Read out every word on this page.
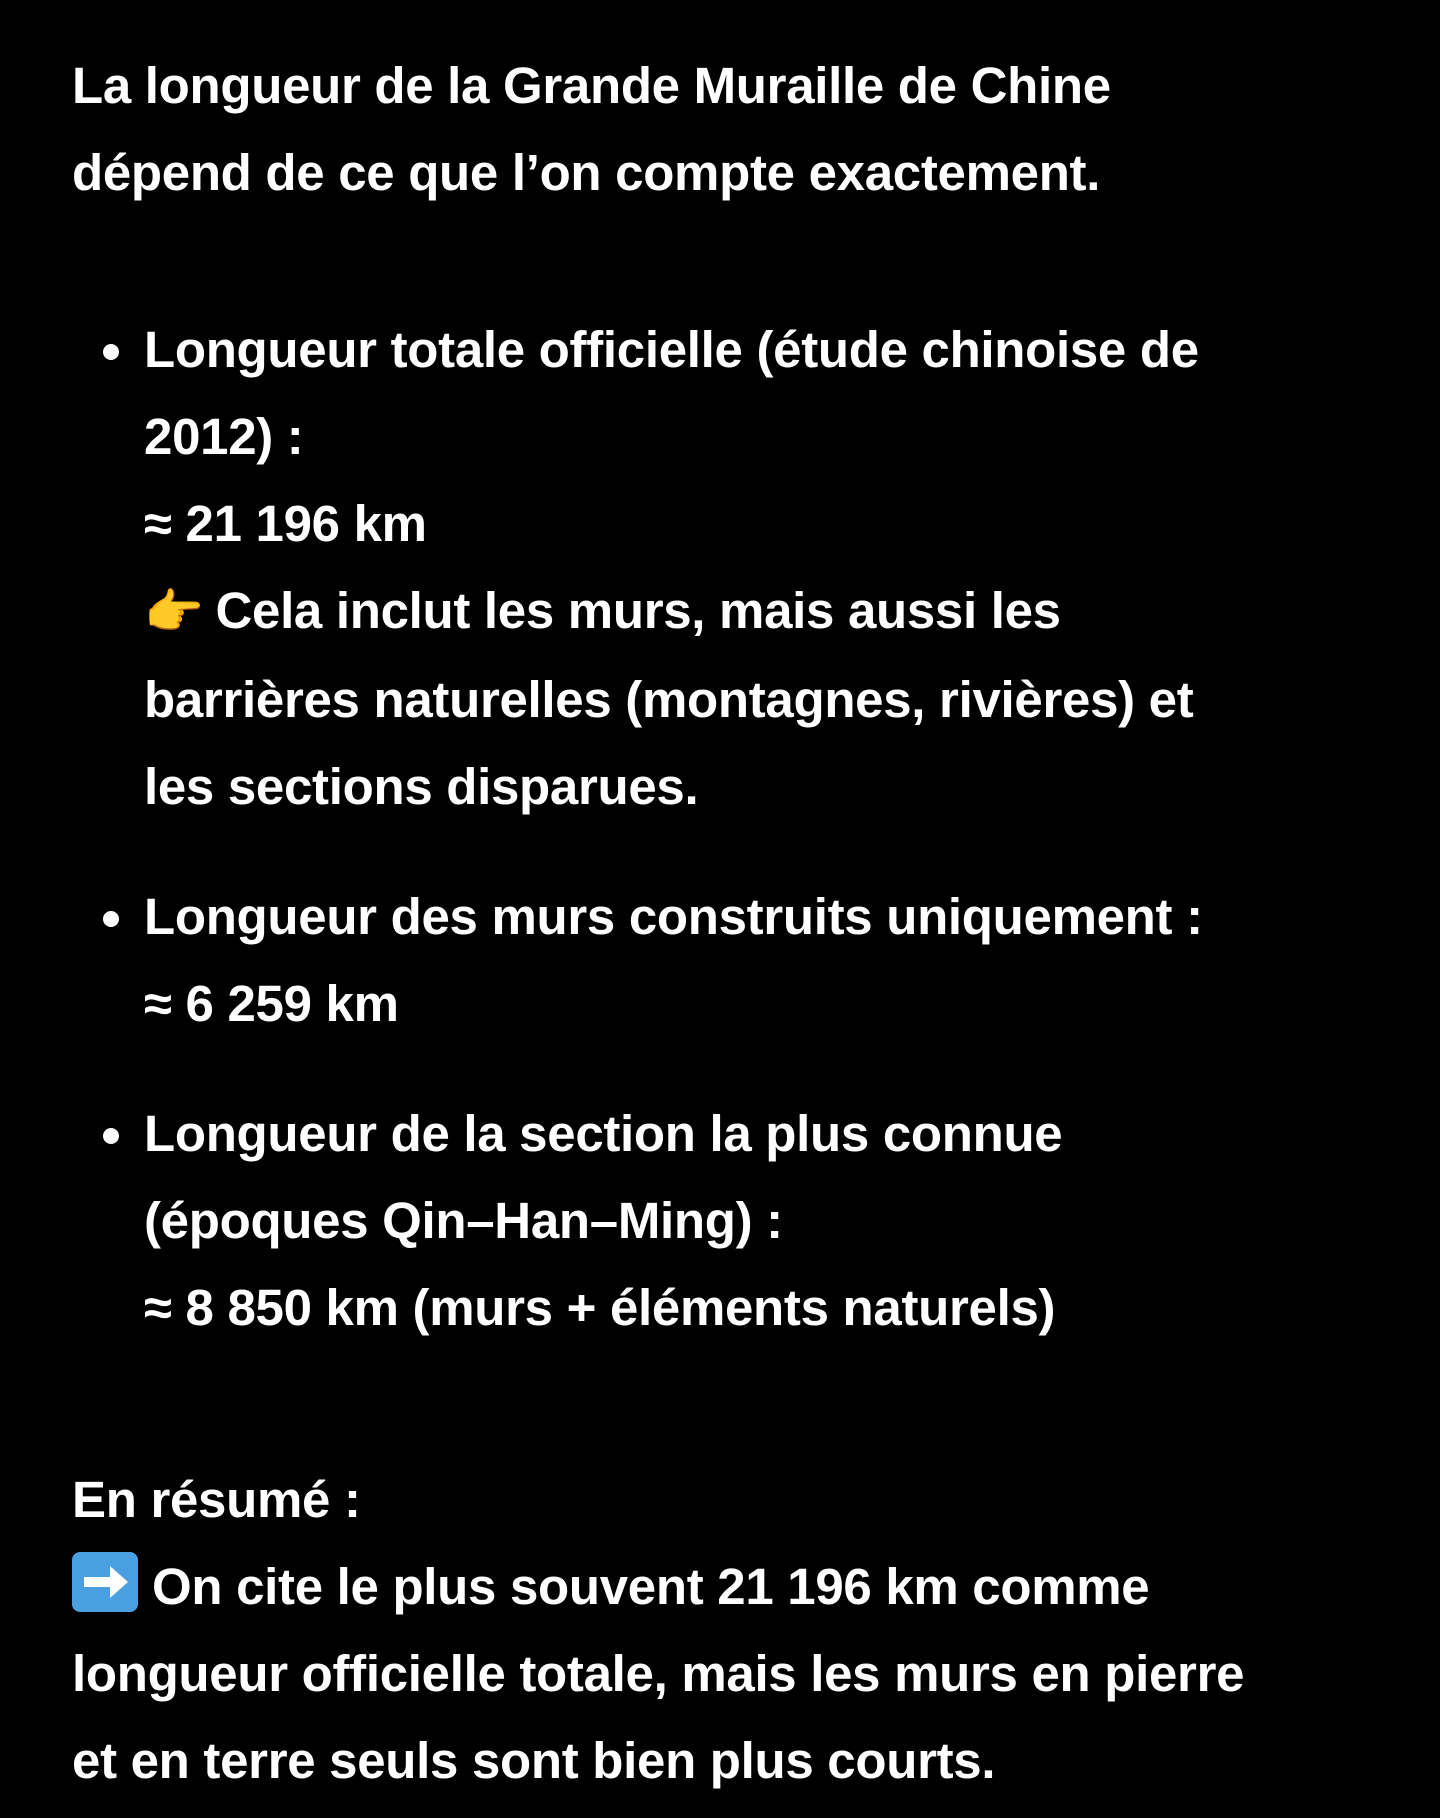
La longueur de la Grande Muraille de Chine
dépend de ce que l’on compte exactement.

Longueur totale officielle (étude chinoise de
2012) :
≈ 21 196 km
👉 Cela inclut les murs, mais aussi les
barrières naturelles (montagnes, rivières) et
les sections disparues.
Longueur des murs construits uniquement :
≈ 6 259 km
Longueur de la section la plus connue
(époques Qin–Han–Ming) :
≈ 8 850 km (murs + éléments naturels)
En résumé :
On cite le plus souvent 21 196 km comme
longueur officielle totale, mais les murs en pierre
et en terre seuls sont bien plus courts.
